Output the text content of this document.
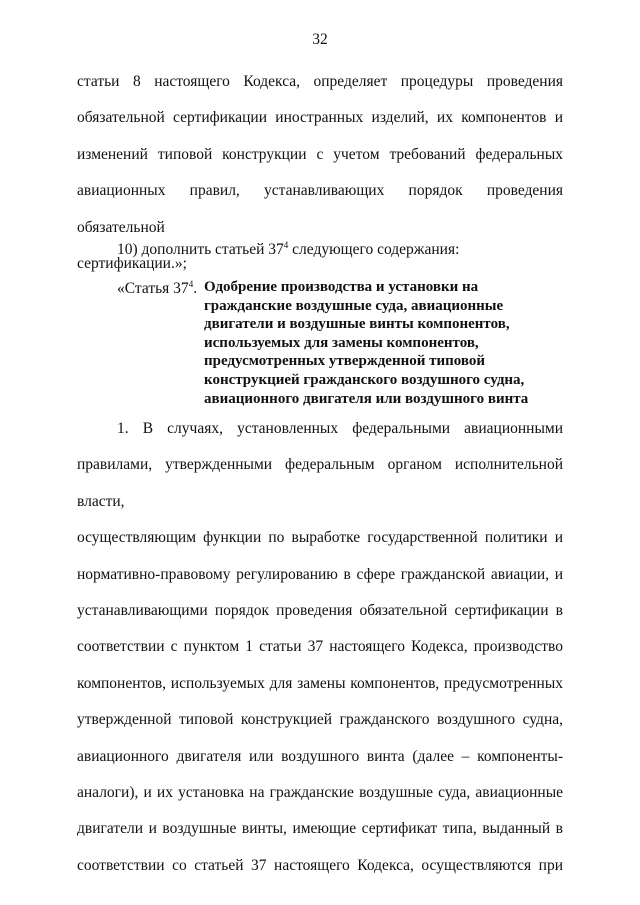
32
статьи 8 настоящего Кодекса, определяет процедуры проведения
обязательной сертификации иностранных изделий, их компонентов и
изменений типовой конструкции с учетом требований федеральных
авиационных правил, устанавливающих порядок проведения обязательной
сертификации.»;
10) дополнить статьей $37^4$ следующего содержания:
«Статья $37^4$. Одобрение производства и установки на
гражданские воздушные суда, авиационные
двигатели и воздушные винты компонентов,
используемых для замены компонентов,
предусмотренных утвержденной типовой
конструкцией гражданского воздушного судна,
авиационного двигателя или воздушного винта
1. В случаях, установленных федеральными авиационными
правилами, утвержденными федеральным органом исполнительной власти,
осуществляющим функции по выработке государственной политики и
нормативно-правовому регулированию в сфере гражданской авиации, и
устанавливающими порядок проведения обязательной сертификации в
соответствии с пунктом 1 статьи 37 настоящего Кодекса, производство
компонентов, используемых для замены компонентов, предусмотренных
утвержденной типовой конструкцией гражданского воздушного судна,
авиационного двигателя или воздушного винта (далее – компоненты-
аналоги), и их установка на гражданские воздушные суда, авиационные
двигатели и воздушные винты, имеющие сертификат типа, выданный в
соответствии со статьей 37 настоящего Кодекса, осуществляются при
